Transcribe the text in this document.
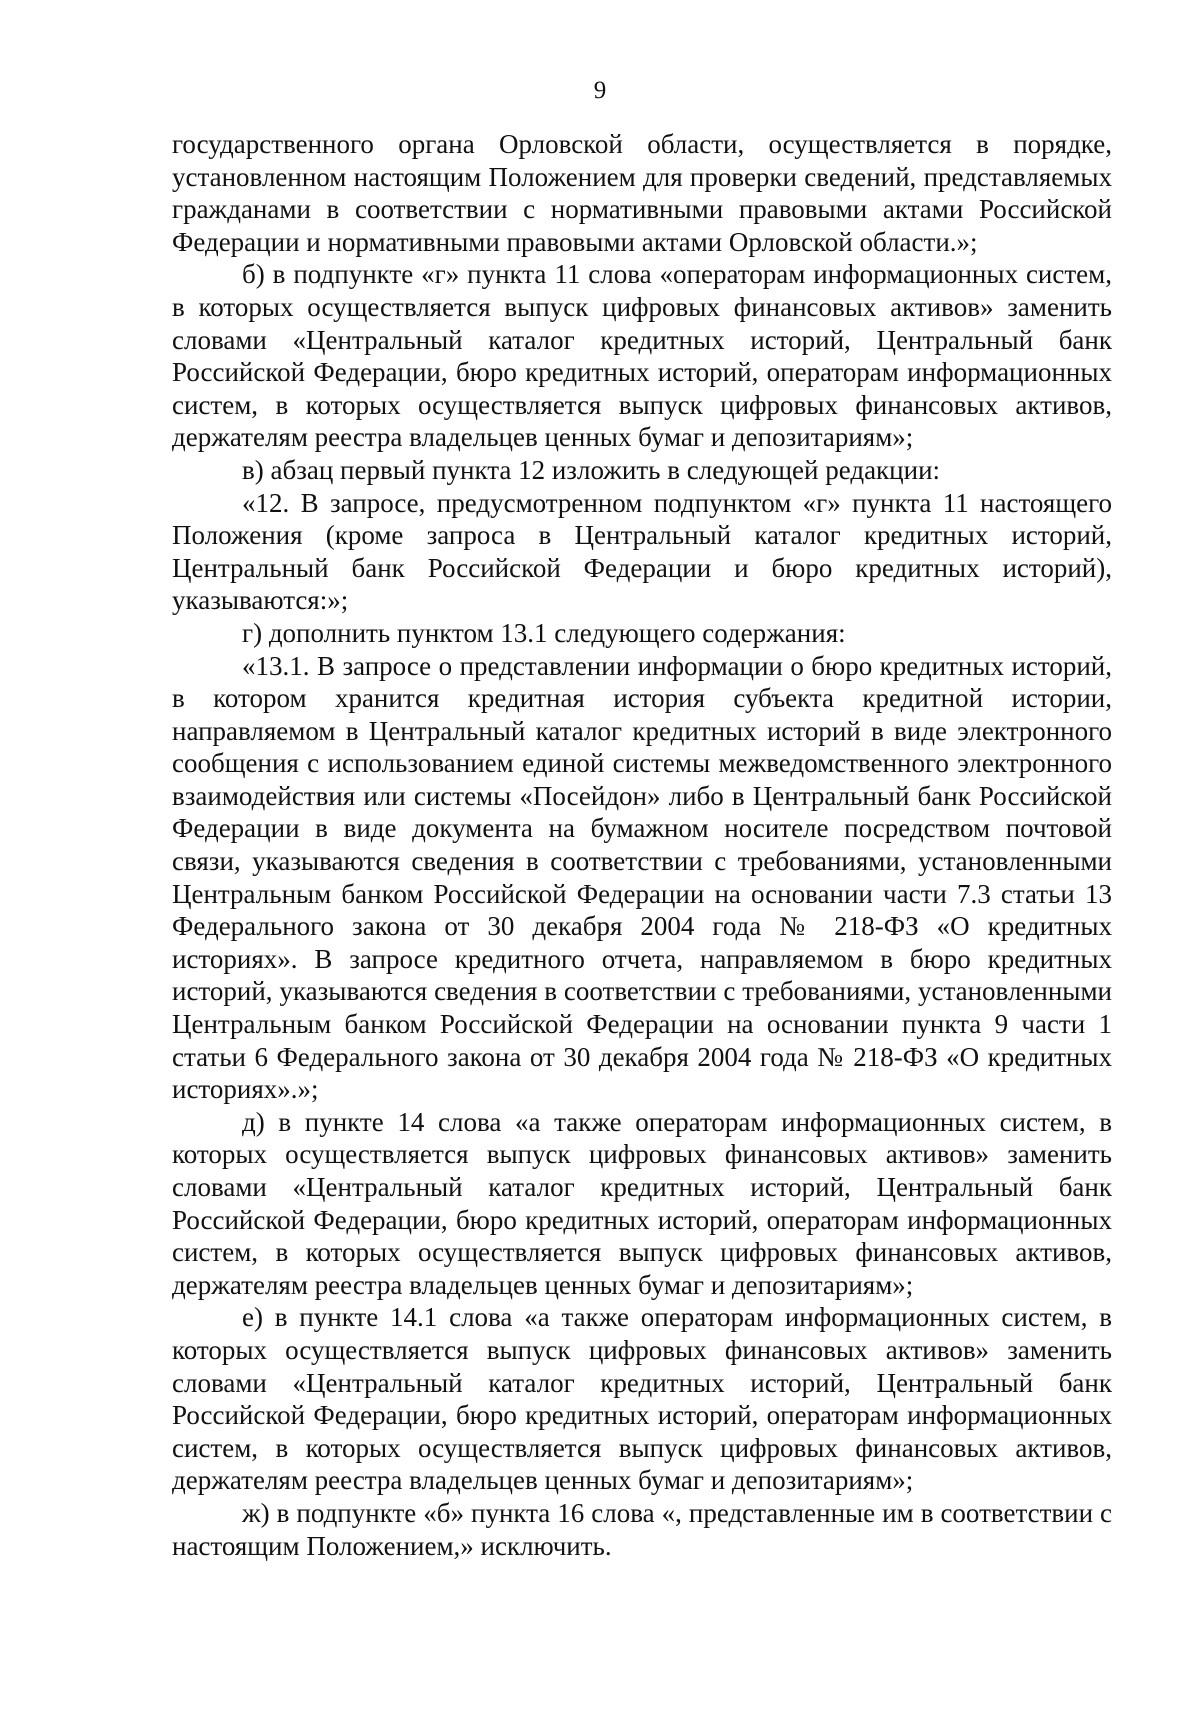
9

государственного органа Орловской области, осуществляется в порядке, установленном настоящим Положением для проверки сведений, представляемых гражданами в соответствии с нормативными правовыми актами Российской Федерации и нормативными правовыми актами Орловской области.»;

б) в подпункте «г» пункта 11 слова «операторам информационных систем, в которых осуществляется выпуск цифровых финансовых активов» заменить словами «Центральный каталог кредитных историй, Центральный банк Российской Федерации, бюро кредитных историй, операторам информационных систем, в которых осуществляется выпуск цифровых финансовых активов, держателям реестра владельцев ценных бумаг и депозитариям»;

в) абзац первый пункта 12 изложить в следующей редакции:

«12. В запросе, предусмотренном подпунктом «г» пункта 11 настоящего Положения (кроме запроса в Центральный каталог кредитных историй, Центральный банк Российской Федерации и бюро кредитных историй), указываются:»;

г) дополнить пунктом 13.1 следующего содержания:

«13.1. В запросе о представлении информации о бюро кредитных историй, в котором хранится кредитная история субъекта кредитной истории, направляемом в Центральный каталог кредитных историй в виде электронного сообщения с использованием единой системы межведомственного электронного взаимодействия или системы «Посейдон» либо в Центральный банк Российской Федерации в виде документа на бумажном носителе посредством почтовой связи, указываются сведения в соответствии с требованиями, установленными Центральным банком Российской Федерации на основании части 7.3 статьи 13 Федерального закона от 30 декабря 2004 года № 218-ФЗ «О кредитных историях». В запросе кредитного отчета, направляемом в бюро кредитных историй, указываются сведения в соответствии с требованиями, установленными Центральным банком Российской Федерации на основании пункта 9 части 1 статьи 6 Федерального закона от 30 декабря 2004 года № 218-ФЗ «О кредитных историях».»;

д) в пункте 14 слова «а также операторам информационных систем, в которых осуществляется выпуск цифровых финансовых активов» заменить словами «Центральный каталог кредитных историй, Центральный банк Российской Федерации, бюро кредитных историй, операторам информационных систем, в которых осуществляется выпуск цифровых финансовых активов, держателям реестра владельцев ценных бумаг и депозитариям»;

е) в пункте 14.1 слова «а также операторам информационных систем, в которых осуществляется выпуск цифровых финансовых активов» заменить словами «Центральный каталог кредитных историй, Центральный банк Российской Федерации, бюро кредитных историй, операторам информационных систем, в которых осуществляется выпуск цифровых финансовых активов, держателям реестра владельцев ценных бумаг и депозитариям»;

ж) в подпункте «б» пункта 16 слова «, представленные им в соответствии с настоящим Положением,» исключить.
